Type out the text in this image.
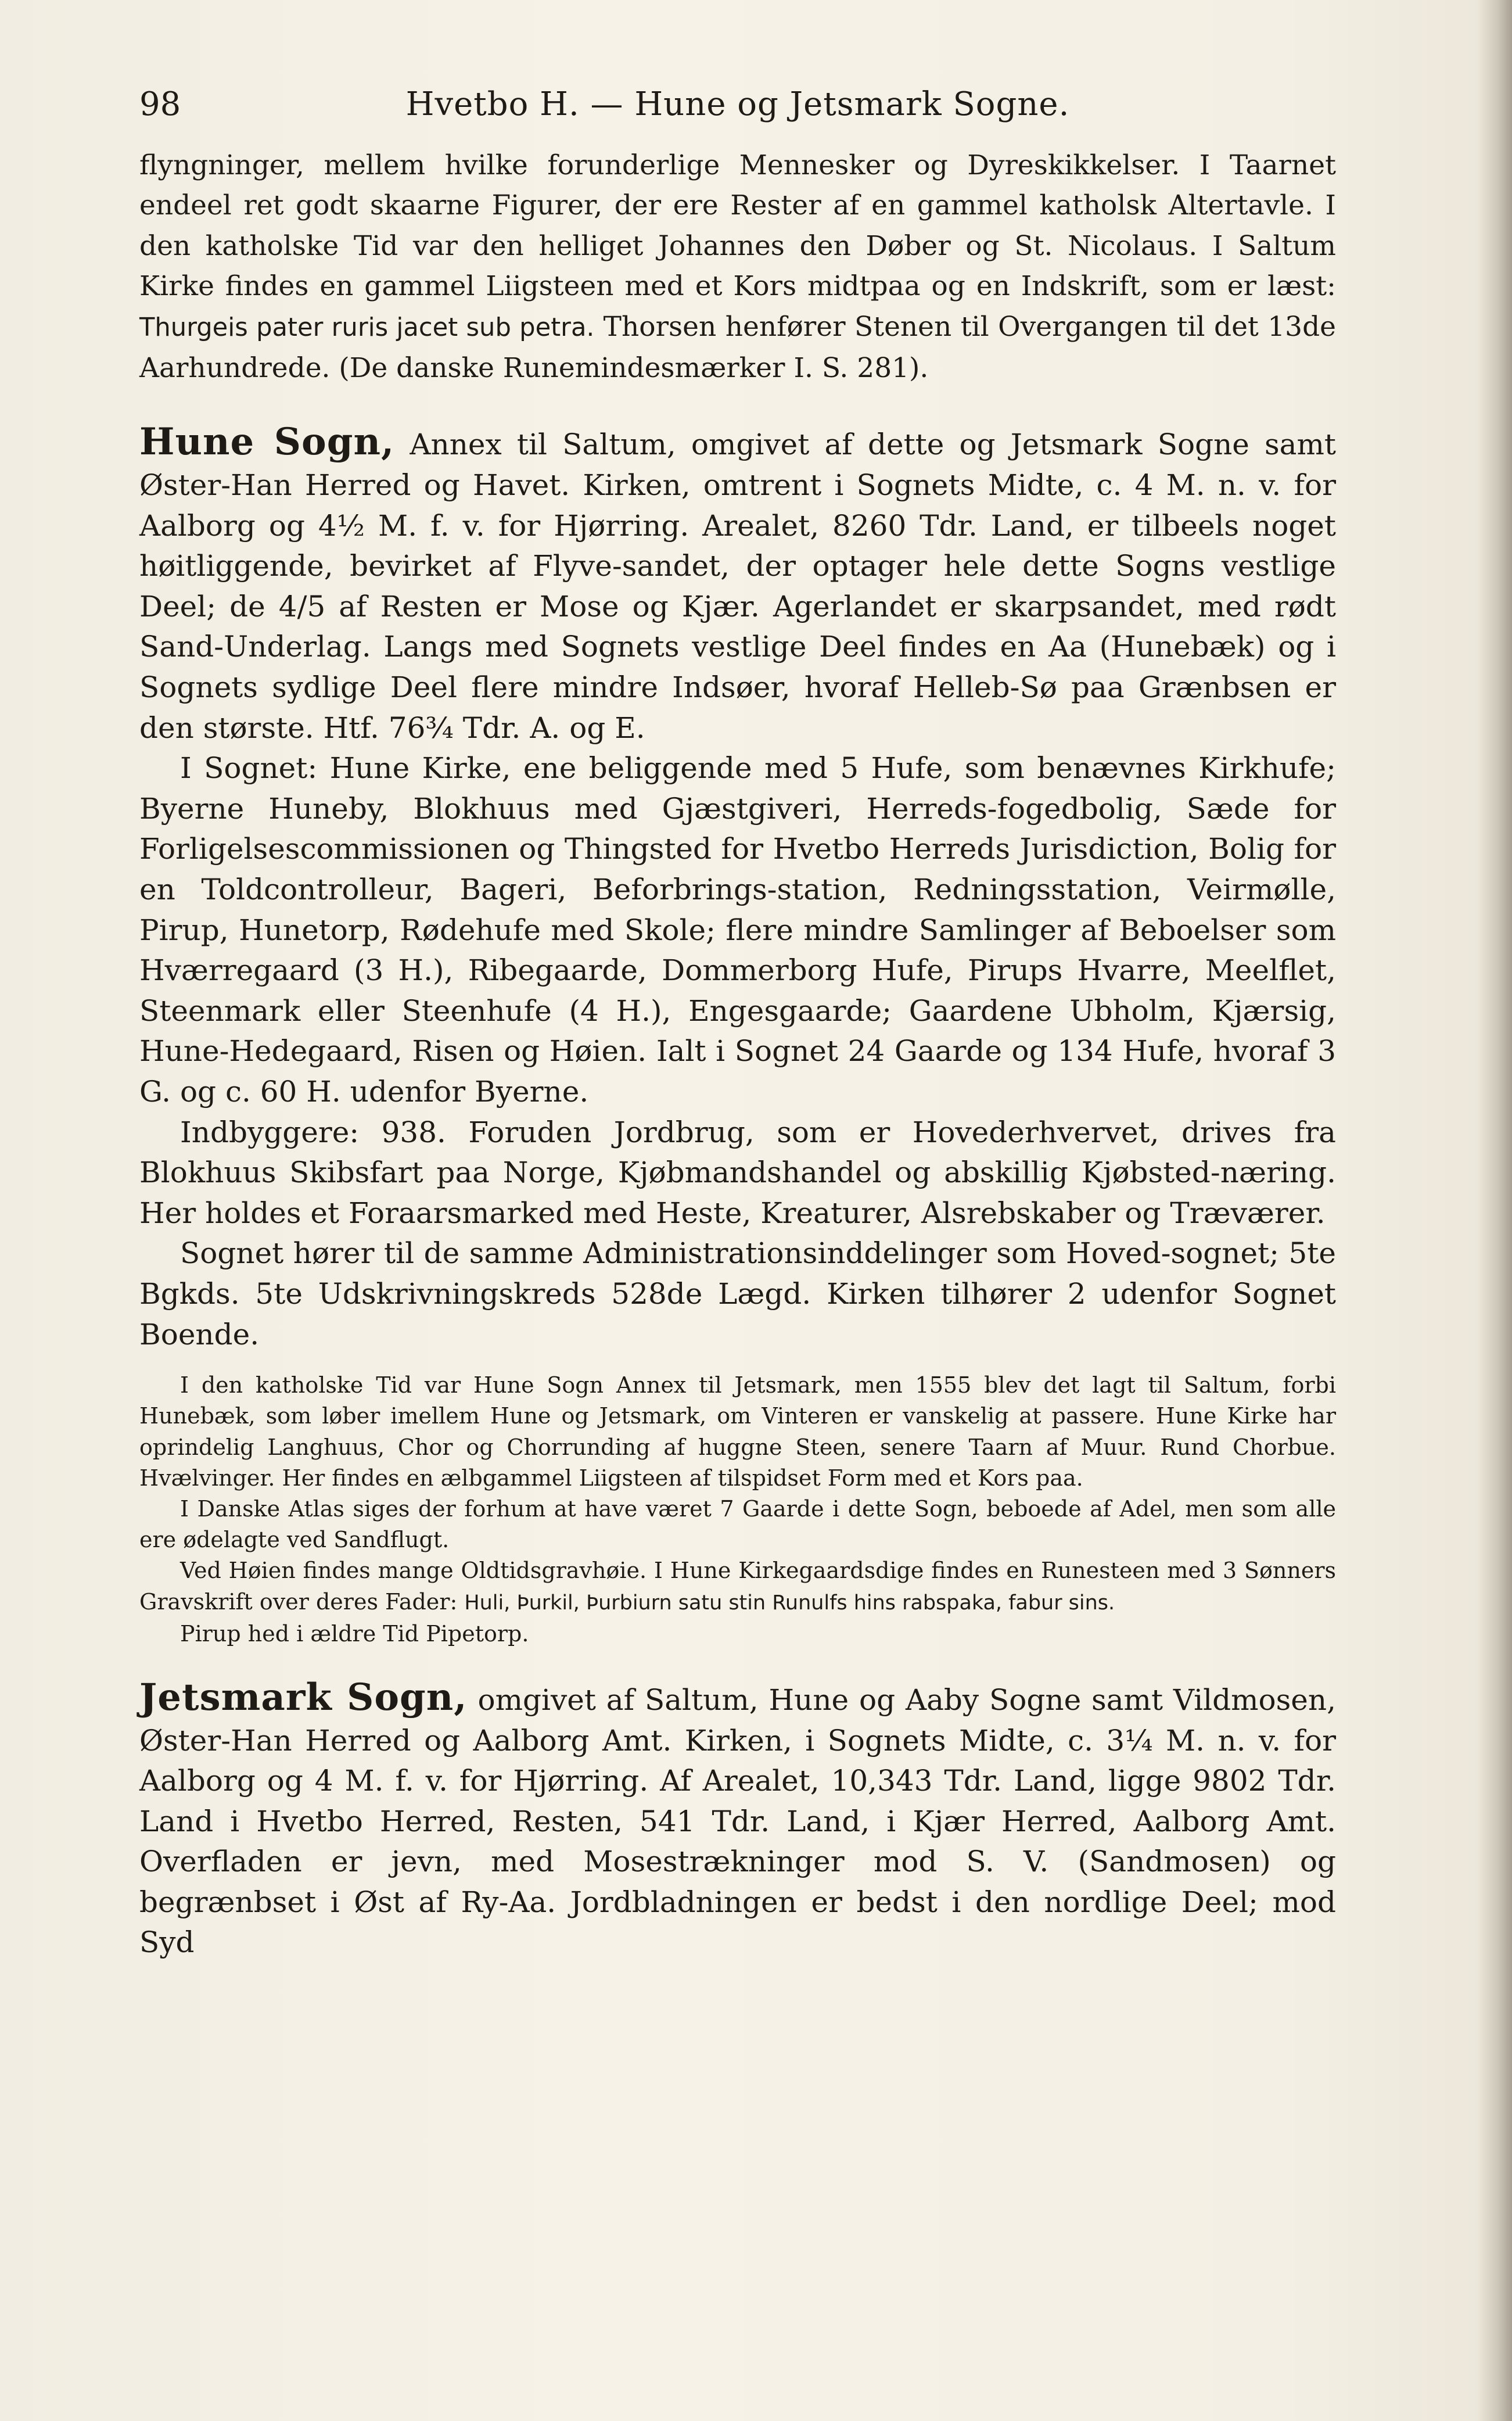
98	Hvetbo H. — Hune og Jetsmark Sogne.

flyngninger, mellem hvilke forunderlige Mennesker og Dyreskikkelser. I Taarnet endeel ret godt skaarne Figurer, der ere Rester af en gammel katholsk Altertavle. I den katholske Tid var den helliget Johannes den Døber og St. Nicolaus. I Saltum Kirke findes en gammel Liigsteen med et Kors midtpaa og en Indskrift, som er læst: Thurgeis pater ruris jacet sub petra. Thorsen henfører Stenen til Overgangen til det 13de Aarhundrede. (De danske Runemindesmærker I. S. 281).

Hune Sogn, Annex til Saltum, omgivet af dette og Jetsmark Sogne samt Øster-Han Herred og Havet. Kirken, omtrent i Sognets Midte, c. 4 M. n. v. for Aalborg og 4½ M. f. v. for Hjørring. Arealet, 8260 Tdr. Land, er tilbeels noget høitliggende, bevirket af Flyve-sandet, der optager hele dette Sogns vestlige Deel; de 4/5 af Resten er Mose og Kjær. Agerlandet er skarpsandet, med rødt Sand-Underlag. Langs med Sognets vestlige Deel findes en Aa (Hunebæk) og i Sognets sydlige Deel flere mindre Indsøer, hvoraf Helleb-Sø paa Grænbsen er den største. Htf. 76¾ Tdr. A. og E.

I Sognet: Hune Kirke, ene beliggende med 5 Hufe, som benævnes Kirkhufe; Byerne Huneby, Blokhuus med Gjæstgiveri, Herreds-fogedbolig, Sæde for Forligelsescommissionen og Thingsted for Hvetbo Herreds Jurisdiction, Bolig for en Toldcontrolleur, Bageri, Beforbrings-station, Redningsstation, Veirmølle, Pirup, Hunetorp, Rødehufe med Skole; flere mindre Samlinger af Beboelser som Hværregaard (3 H.), Ribegaarde, Dommerborg Hufe, Pirups Hvarre, Meelflet, Steenmark eller Steenhufe (4 H.), Engesgaarde; Gaardene Ubholm, Kjærsig, Hune-Hedegaard, Risen og Høien. Ialt i Sognet 24 Gaarde og 134 Hufe, hvoraf 3 G. og c. 60 H. udenfor Byerne.

Indbyggere: 938. Foruden Jordbrug, som er Hovederhvervet, drives fra Blokhuus Skibsfart paa Norge, Kjøbmandshandel og abskillig Kjøbsted-næring. Her holdes et Foraarsmarked med Heste, Kreaturer, Alsrebskaber og Træværer.

Sognet hører til de samme Administrationsinddelinger som Hoved-sognet; 5te Bgkds. 5te Udskrivningskreds 528de Lægd. Kirken tilhører 2 udenfor Sognet Boende.

I den katholske Tid var Hune Sogn Annex til Jetsmark, men 1555 blev det lagt til Saltum, forbi Hunebæk, som løber imellem Hune og Jetsmark, om Vinteren er vanskelig at passere. Hune Kirke har oprindelig Langhuus, Chor og Chorrunding af huggne Steen, senere Taarn af Muur. Rund Chorbue. Hvælvinger. Her findes en ælbgammel Liigsteen af tilspidset Form med et Kors paa.

I Danske Atlas siges der forhum at have været 7 Gaarde i dette Sogn, beboede af Adel, men som alle ere ødelagte ved Sandflugt.

Ved Høien findes mange Oldtidsgravhøie. I Hune Kirkegaardsdige findes en Runesteen med 3 Sønners Gravskrift over deres Fader: Huli, Þurkil, Þurbiurn satu stin Runulfs hins rabspaka, fabur sins.

Pirup hed i ældre Tid Pipetorp.

Jetsmark Sogn, omgivet af Saltum, Hune og Aaby Sogne samt Vildmosen, Øster-Han Herred og Aalborg Amt. Kirken, i Sognets Midte, c. 3¼ M. n. v. for Aalborg og 4 M. f. v. for Hjørring. Af Arealet, 10,343 Tdr. Land, ligge 9802 Tdr. Land i Hvetbo Herred, Resten, 541 Tdr. Land, i Kjær Herred, Aalborg Amt. Overfladen er jevn, med Mosestrækninger mod S. V. (Sandmosen) og begrænbset i Øst af Ry-Aa. Jordbladningen er bedst i den nordlige Deel; mod Syd
